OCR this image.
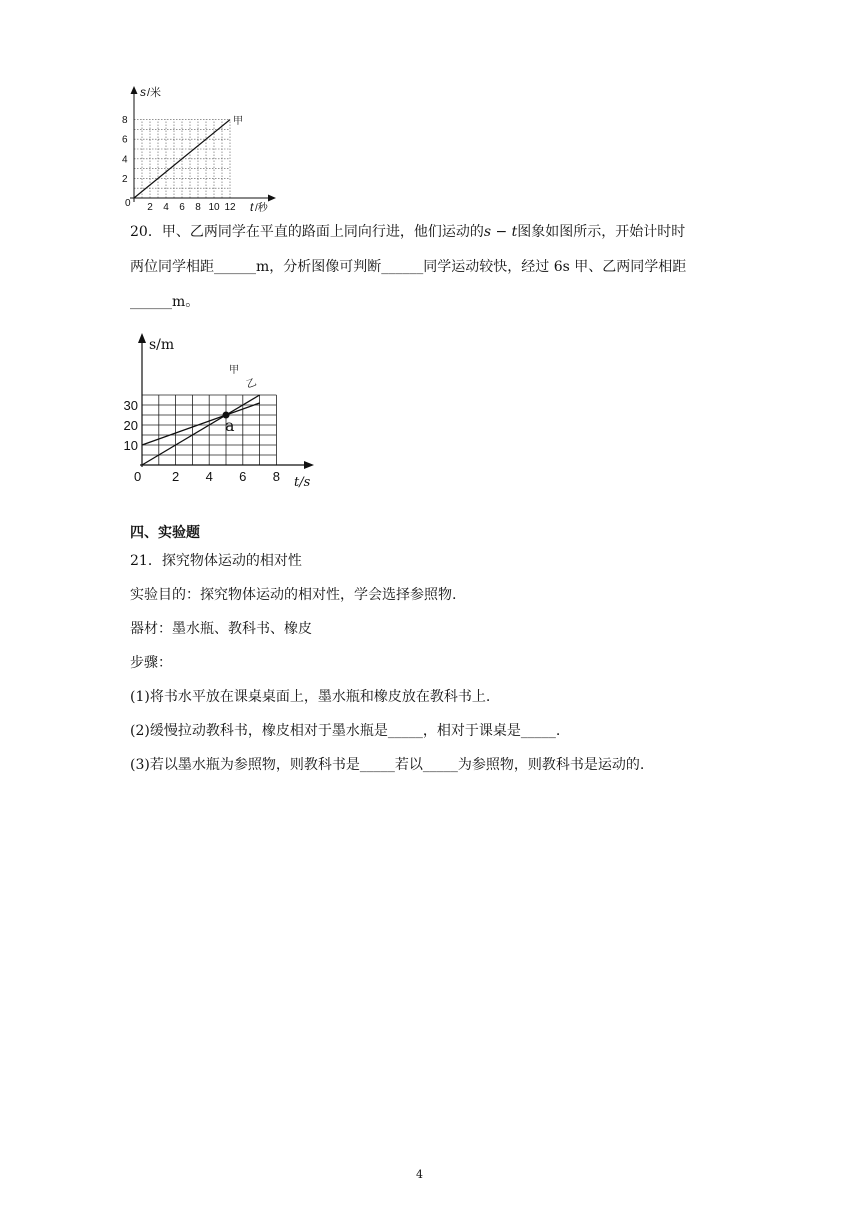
2
4
6
8
2 4 6 8 10 12
0
甲
s /米
t /秒
20．甲、乙两同学在平直的路面上同向行进，他们运动的s − t图象如图所示，开始计时时
两位同学相距______m，分析图像可判断______同学运动较快，经过 6s 甲、乙两同学相距
______m。
10
20
30
2 4 6 8
0
s/m
t/s
甲
乙
a
四、实验题
21．探究物体运动的相对性
实验目的：探究物体运动的相对性，学会选择参照物.
器材：墨水瓶、教科书、橡皮
步骤：
(1)将书水平放在课桌桌面上，墨水瓶和橡皮放在教科书上.
(2)缓慢拉动教科书，橡皮相对于墨水瓶是_____，相对于课桌是_____.
(3)若以墨水瓶为参照物，则教科书是_____若以_____为参照物，则教科书是运动的.
4
